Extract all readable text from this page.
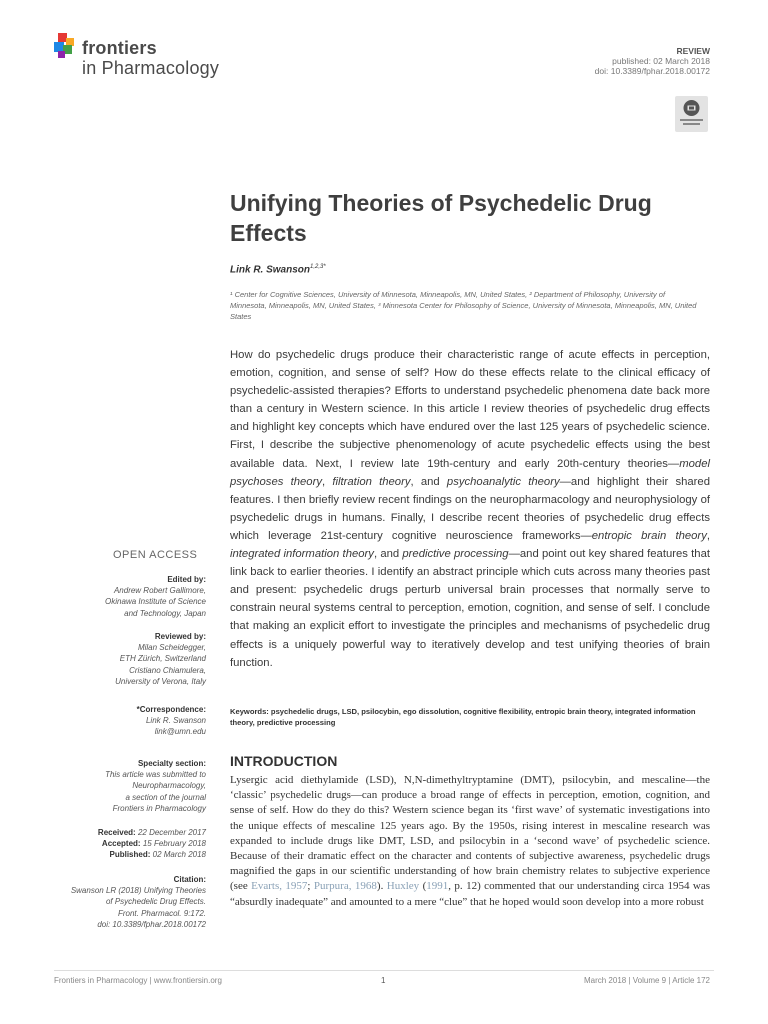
frontiers
in Pharmacology
REVIEW
published: 02 March 2018
doi: 10.3389/fphar.2018.00172
Unifying Theories of Psychedelic Drug Effects
Link R. Swanson$^{1,2,3*}$
¹ Center for Cognitive Sciences, University of Minnesota, Minneapolis, MN, United States, ² Department of Philosophy, University of Minnesota, Minneapolis, MN, United States, ³ Minnesota Center for Philosophy of Science, University of Minnesota, Minneapolis, MN, United States
How do psychedelic drugs produce their characteristic range of acute effects in perception, emotion, cognition, and sense of self? How do these effects relate to the clinical efficacy of psychedelic-assisted therapies? Efforts to understand psychedelic phenomena date back more than a century in Western science. In this article I review theories of psychedelic drug effects and highlight key concepts which have endured over the last 125 years of psychedelic science. First, I describe the subjective phenomenology of acute psychedelic effects using the best available data. Next, I review late 19th-century and early 20th-century theories—model psychoses theory, filtration theory, and psychoanalytic theory—and highlight their shared features. I then briefly review recent findings on the neuropharmacology and neurophysiology of psychedelic drugs in humans. Finally, I describe recent theories of psychedelic drug effects which leverage 21st-century cognitive neuroscience frameworks—entropic brain theory, integrated information theory, and predictive processing—and point out key shared features that link back to earlier theories. I identify an abstract principle which cuts across many theories past and present: psychedelic drugs perturb universal brain processes that normally serve to constrain neural systems central to perception, emotion, cognition, and sense of self. I conclude that making an explicit effort to investigate the principles and mechanisms of psychedelic drug effects is a uniquely powerful way to iteratively develop and test unifying theories of brain function.
Keywords: psychedelic drugs, LSD, psilocybin, ego dissolution, cognitive flexibility, entropic brain theory, integrated information theory, predictive processing
INTRODUCTION
Lysergic acid diethylamide (LSD), N,N-dimethyltryptamine (DMT), psilocybin, and mescaline—the ‘classic’ psychedelic drugs—can produce a broad range of effects in perception, emotion, cognition, and sense of self. How do they do this? Western science began its ‘first wave’ of systematic investigations into the unique effects of mescaline 125 years ago. By the 1950s, rising interest in mescaline research was expanded to include drugs like DMT, LSD, and psilocybin in a ‘second wave’ of psychedelic science. Because of their dramatic effect on the character and contents of subjective awareness, psychedelic drugs magnified the gaps in our scientific understanding of how brain chemistry relates to subjective experience (see Evarts, 1957; Purpura, 1968). Huxley (1991, p. 12) commented that our understanding circa 1954 was “absurdly inadequate” and amounted to a mere “clue” that he hoped would soon develop into a more robust
OPEN ACCESS
Edited by:
Andrew Robert Gallimore,
Okinawa Institute of Science
and Technology, Japan
Reviewed by:
Milan Scheidegger,
ETH Zürich, Switzerland
Cristiano Chiamulera,
University of Verona, Italy
*Correspondence:
Link R. Swanson
link@umn.edu
Specialty section:
This article was submitted to
Neuropharmacology,
a section of the journal
Frontiers in Pharmacology
Received: 22 December 2017
Accepted: 15 February 2018
Published: 02 March 2018
Citation:
Swanson LR (2018) Unifying Theories
of Psychedelic Drug Effects.
Front. Pharmacol. 9:172.
doi: 10.3389/fphar.2018.00172
Frontiers in Pharmacology | www.frontiersin.org	1	March 2018 | Volume 9 | Article 172
